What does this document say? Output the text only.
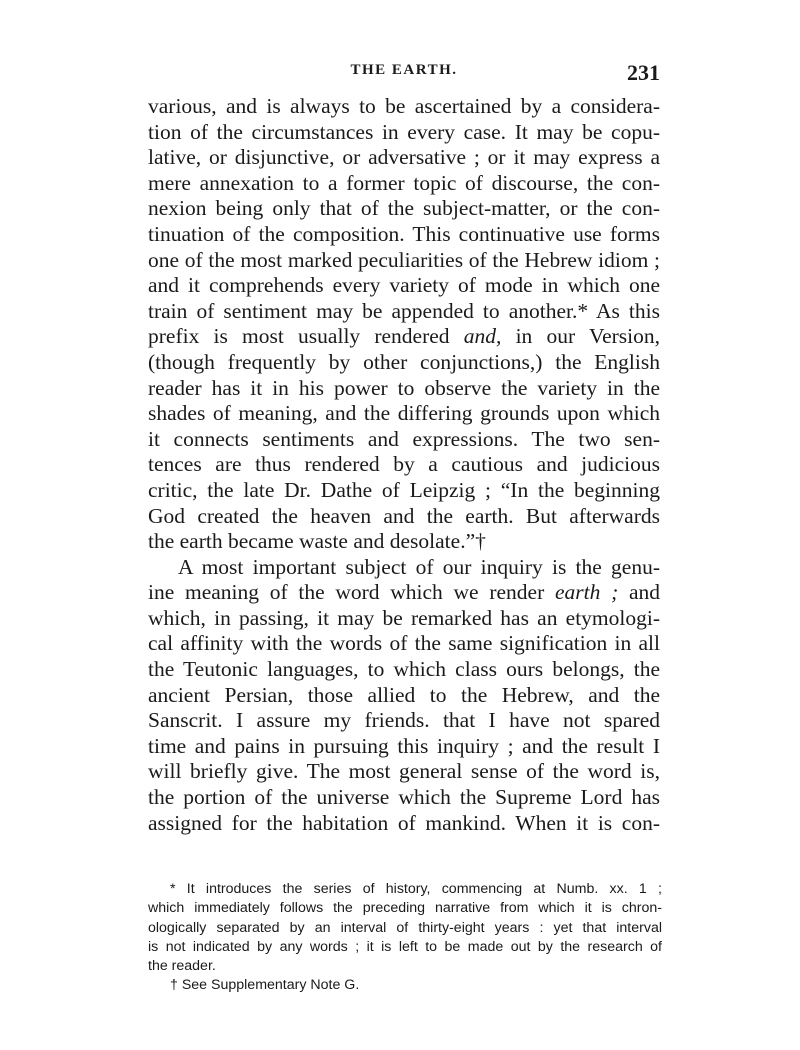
THE EARTH.	231
various, and is always to be ascertained by a considera-
tion of the circumstances in every case. It may be copu-
lative, or disjunctive, or adversative ; or it may express a
mere annexation to a former topic of discourse, the con-
nexion being only that of the subject-matter, or the con-
tinuation of the composition. This continuative use forms
one of the most marked peculiarities of the Hebrew idiom ;
and it comprehends every variety of mode in which one
train of sentiment may be appended to another.* As this
prefix is most usually rendered and, in our Version,
(though frequently by other conjunctions,) the English
reader has it in his power to observe the variety in the
shades of meaning, and the differing grounds upon which
it connects sentiments and expressions. The two sen-
tences are thus rendered by a cautious and judicious
critic, the late Dr. Dathe of Leipzig ; “In the beginning
God created the heaven and the earth. But afterwards
the earth became waste and desolate.”†
A most important subject of our inquiry is the genu-
ine meaning of the word which we render earth ; and
which, in passing, it may be remarked has an etymologi-
cal affinity with the words of the same signification in all
the Teutonic languages, to which class ours belongs, the
ancient Persian, those allied to the Hebrew, and the
Sanscrit. I assure my friends. that I have not spared
time and pains in pursuing this inquiry ; and the result I
will briefly give. The most general sense of the word is,
the portion of the universe which the Supreme Lord has
assigned for the habitation of mankind. When it is con-
* It introduces the series of history, commencing at Numb. xx. 1 ;
which immediately follows the preceding narrative from which it is chron-
ologically separated by an interval of thirty-eight years : yet that interval
is not indicated by any words ; it is left to be made out by the research of
the reader.
† See Supplementary Note G.
